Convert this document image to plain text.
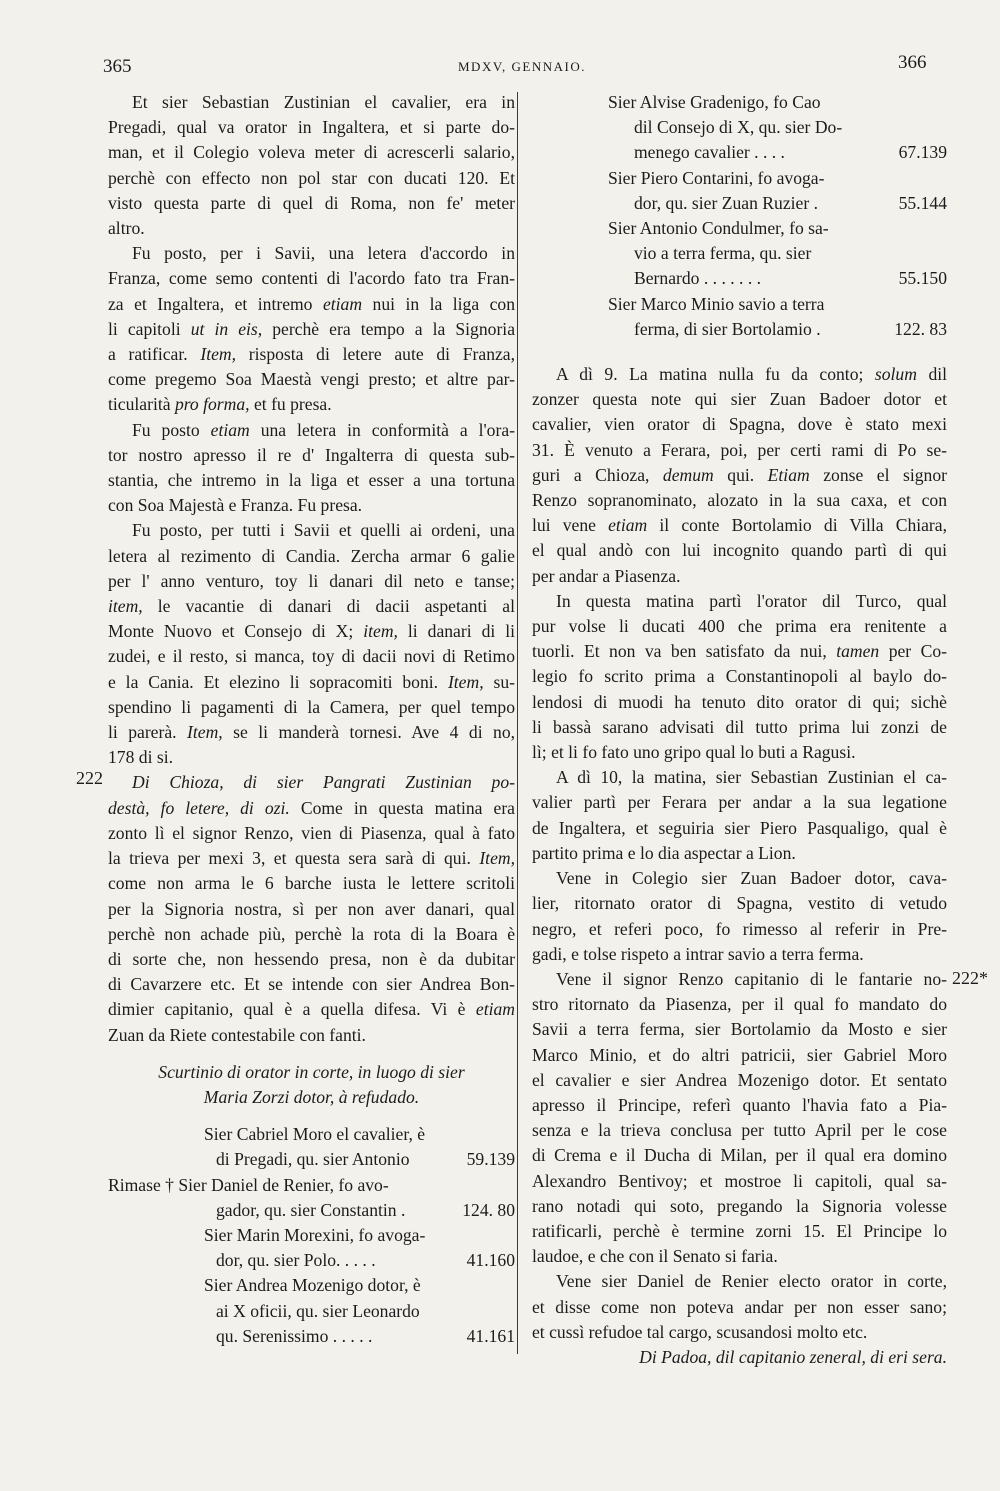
365	MDXV, GENNAIO.	366
222
222*
Et sier Sebastian Zustinian el cavalier, era in
Pregadi, qual va orator in Ingaltera, et si parte do-
man, et il Colegio voleva meter di acrescerli salario,
perchè con effecto non pol star con ducati 120. Et
visto questa parte di quel di Roma, non fe' meter
altro.
Fu posto, per i Savii, una letera d'accordo in
Franza, come semo contenti di l'acordo fato tra Fran-
za et Ingaltera, et intremo etiam nui in la liga con
li capitoli ut in eis, perchè era tempo a la Signoria
a ratificar. Item, risposta di letere aute di Franza,
come pregemo Soa Maestà vengi presto; et altre par-
ticularità pro forma, et fu presa.
Fu posto etiam una letera in conformità a l'ora-
tor nostro apresso il re d' Ingalterra di questa sub-
stantia, che intremo in la liga et esser a una tortuna
con Soa Majestà e Franza. Fu presa.
Fu posto, per tutti i Savii et quelli ai ordeni, una
letera al rezimento di Candia. Zercha armar 6 galie
per l' anno venturo, toy li danari dil neto e tanse;
item, le vacantie di danari di dacii aspetanti al
Monte Nuovo et Consejo di X; item, li danari di li
zudei, e il resto, si manca, toy di dacii novi di Retimo
e la Cania. Et elezino li sopracomiti boni. Item, su-
spendino li pagamenti di la Camera, per quel tempo
li parerà. Item, se li manderà tornesi. Ave 4 di no,
178 di si.
Di Chioza, di sier Pangrati Zustinian po-
destà, fo letere, di ozi. Come in questa matina era
zonto lì el signor Renzo, vien di Piasenza, qual à fato
la trieva per mexi 3, et questa sera sarà di qui. Item,
come non arma le 6 barche iusta le lettere scritoli
per la Signoria nostra, sì per non aver danari, qual
perchè non achade più, perchè la rota di la Boara è
di sorte che, non hessendo presa, non è da dubitar
di Cavarzere etc. Et se intende con sier Andrea Bon-
dimier capitanio, qual è a quella difesa. Vi è etiam
Zuan da Riete contestabile con fanti.
Scurtinio di orator in corte, in luogo di sier
Maria Zorzi dotor, à refudado.
Sier Cabriel Moro el cavalier, è
di Pregadi, qu. sier Antonio	59.139
Rimase † Sier Daniel de Renier, fo avo-
gador, qu. sier Constantin .	124. 80
Sier Marin Morexini, fo avoga-
dor, qu. sier Polo. . . . .	41.160
Sier Andrea Mozenigo dotor, è
ai X oficii, qu. sier Leonardo
qu. Serenissimo . . . . .	41.161
Sier Alvise Gradenigo, fo Cao
dil Consejo di X, qu. sier Do-
menego cavalier . . . .	67.139
Sier Piero Contarini, fo avoga-
dor, qu. sier Zuan Ruzier .	55.144
Sier Antonio Condulmer, fo sa-
vio a terra ferma, qu. sier
Bernardo . . . . . . .	55.150
Sier Marco Minio savio a terra
ferma, di sier Bortolamio .	122. 83
A dì 9. La matina nulla fu da conto; solum dil
zonzer questa note qui sier Zuan Badoer dotor et
cavalier, vien orator di Spagna, dove è stato mexi
31. È venuto a Ferara, poi, per certi rami di Po se-
guri a Chioza, demum qui. Etiam zonse el signor
Renzo sopranominato, alozato in la sua caxa, et con
lui vene etiam il conte Bortolamio di Villa Chiara,
el qual andò con lui incognito quando partì di qui
per andar a Piasenza.
In questa matina partì l'orator dil Turco, qual
pur volse li ducati 400 che prima era renitente a
tuorli. Et non va ben satisfato da nui, tamen per Co-
legio fo scrito prima a Constantinopoli al baylo do-
lendosi di muodi ha tenuto dito orator di qui; sichè
li bassà sarano advisati dil tutto prima lui zonzi de
lì; et li fo fato uno gripo qual lo buti a Ragusi.
A dì 10, la matina, sier Sebastian Zustinian el ca-
valier partì per Ferara per andar a la sua legatione
de Ingaltera, et seguiria sier Piero Pasqualigo, qual è
partito prima e lo dia aspectar a Lion.
Vene in Colegio sier Zuan Badoer dotor, cava-
lier, ritornato orator di Spagna, vestito di vetudo
negro, et referi poco, fo rimesso al referir in Pre-
gadi, e tolse rispeto a intrar savio a terra ferma.
Vene il signor Renzo capitanio di le fantarie no-
stro ritornato da Piasenza, per il qual fo mandato do
Savii a terra ferma, sier Bortolamio da Mosto e sier
Marco Minio, et do altri patricii, sier Gabriel Moro
el cavalier e sier Andrea Mozenigo dotor. Et sentato
apresso il Principe, referì quanto l'havia fato a Pia-
senza e la trieva conclusa per tutto April per le cose
di Crema e il Ducha di Milan, per il qual era domino
Alexandro Bentivoy; et mostroe li capitoli, qual sa-
rano notadi qui soto, pregando la Signoria volesse
ratificarli, perchè è termine zorni 15. El Principe lo
laudoe, e che con il Senato si faria.
Vene sier Daniel de Renier electo orator in corte,
et disse come non poteva andar per non esser sano;
et cussì refudoe tal cargo, scusandosi molto etc.
Di Padoa, dil capitanio zeneral, di eri sera.
